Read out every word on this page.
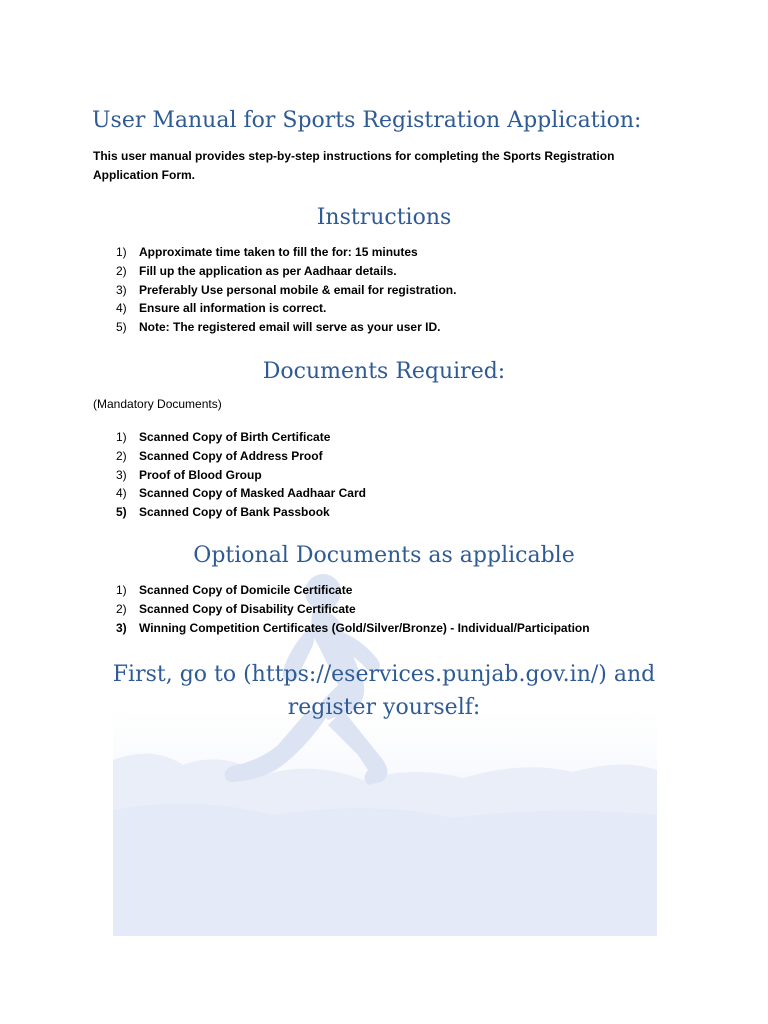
User Manual for Sports Registration Application:

This user manual provides step-by-step instructions for completing the Sports Registration Application Form.

Instructions
1) Approximate time taken to fill the for: 15 minutes
2) Fill up the application as per Aadhaar details.
3) Preferably Use personal mobile & email for registration.
4) Ensure all information is correct.
5) Note: The registered email will serve as your user ID.
Documents Required:

(Mandatory Documents)

1) Scanned Copy of Birth Certificate
2) Scanned Copy of Address Proof
3) Proof of Blood Group
4) Scanned Copy of Masked Aadhaar Card
5) Scanned Copy of Bank Passbook
Optional Documents as applicable
1) Scanned Copy of Domicile Certificate
2) Scanned Copy of Disability Certificate
3) Winning Competition Certificates (Gold/Silver/Bronze) - Individual/Participation

First, go to (https://eservices.punjab.gov.in/) and
register yourself:
